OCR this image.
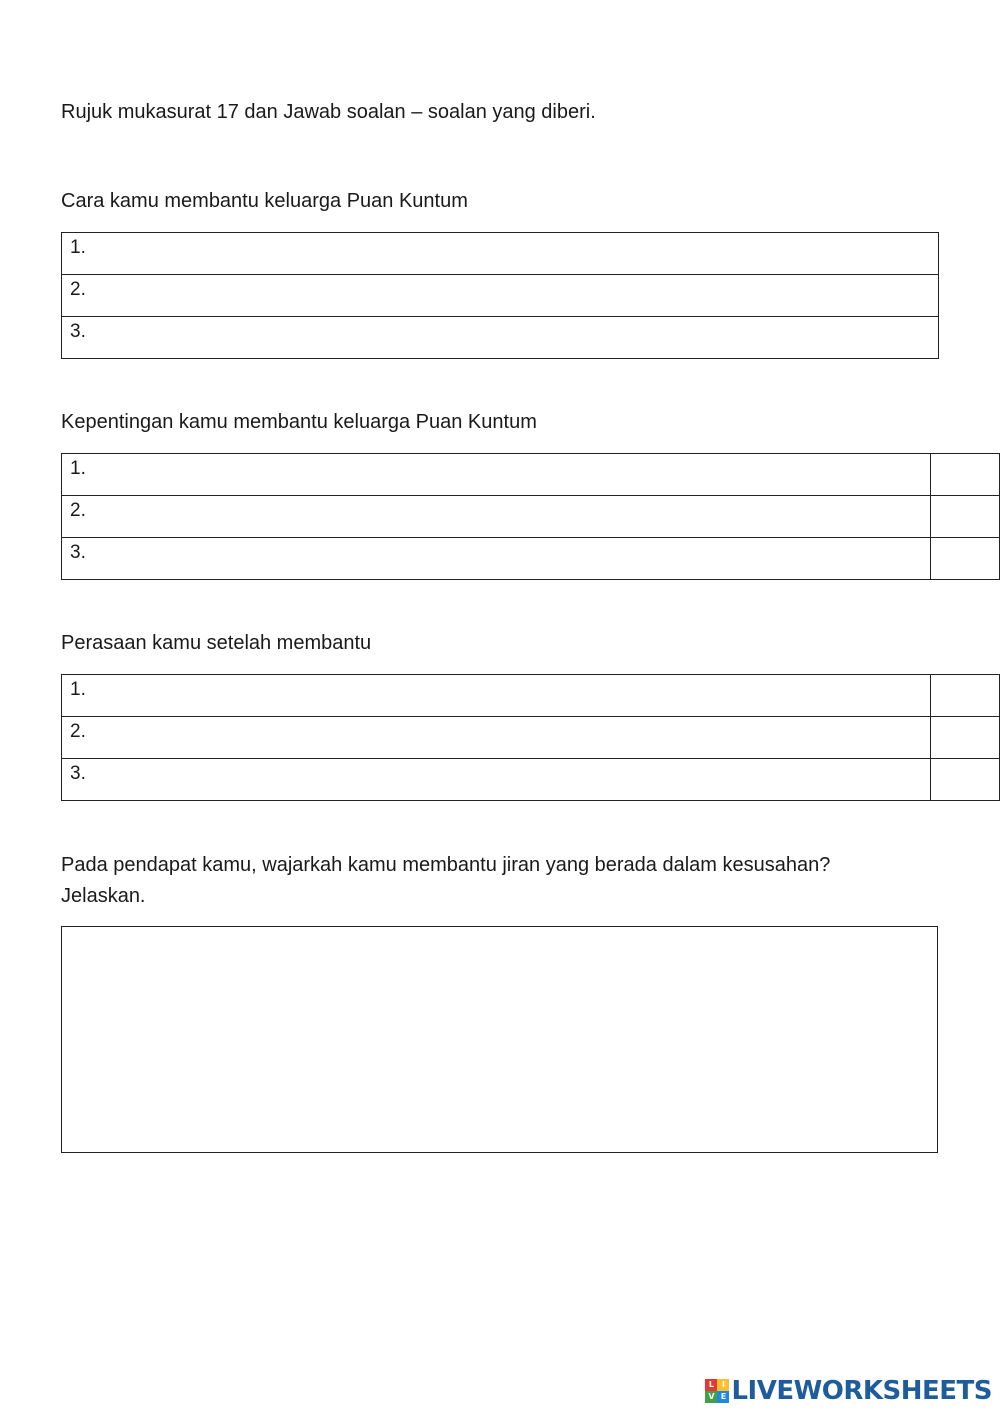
Rujuk mukasurat 17 dan Jawab soalan – soalan yang diberi.
Cara kamu membantu keluarga Puan Kuntum
1.
2.
3.
Kepentingan kamu membantu keluarga Puan Kuntum
1.	
2.	
3.	
Perasaan kamu setelah membantu
1.	
2.	
3.	
Pada pendapat kamu, wajarkah kamu membantu jiran yang berada dalam kesusahan?
Jelaskan.
L I
V E LIVEWORKSHEETS
